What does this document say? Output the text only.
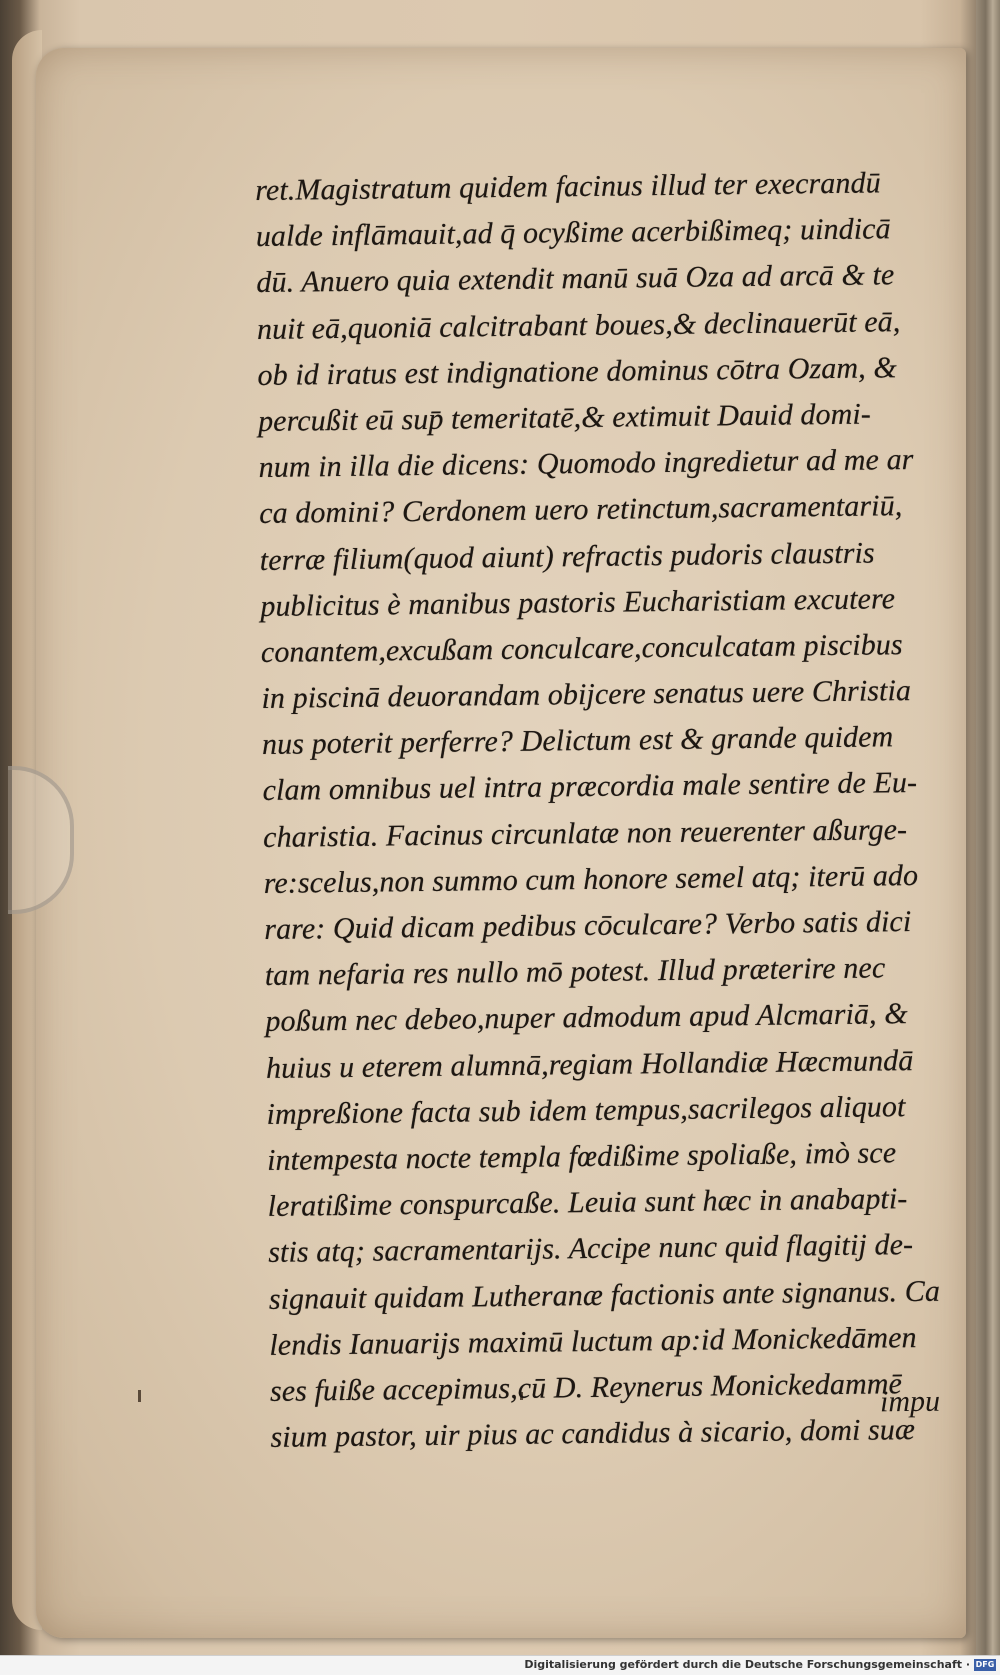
ret.Magistratum quidem facinus illud ter execrandū
ualde inflāmauit,ad q̄ ocyßime acerbißimeq; uindicā
dū. Anuero quia extendit manū suā Oza ad arcā & te
nuit eā,quoniā calcitrabant boues,& declinauerūt eā,
ob id iratus est indignatione dominus cōtra Ozam, &
percußit eū sup̄ temeritatē,& extimuit Dauid domi-
num in illa die dicens: Quomodo ingredietur ad me ar
ca domini? Cerdonem uero retinctum,sacramentariū,
terræ filium(quod aiunt) refractis pudoris claustris
publicitus è manibus pastoris Eucharistiam excutere
conantem,excußam conculcare,conculcatam piscibus
in piscinā deuorandam obijcere senatus uere Christia
nus poterit perferre? Delictum est & grande quidem
clam omnibus uel intra præcordia male sentire de Eu-
charistia. Facinus circunlatæ non reuerenter aßurge-
re:scelus,non summo cum honore semel atq; iterū ado
rare: Quid dicam pedibus cōculcare? Verbo satis dici
tam nefaria res nullo mō potest. Illud præterire nec
poßum nec debeo,nuper admodum apud Alcmariā, &
huius u eterem alumnā,regiam Hollandiæ Hæcmundā
impreßione facta sub idem tempus,sacrilegos aliquot
intempesta nocte templa fœdißime spoliaße, imò sce
leratißime conspurcaße. Leuia sunt hæc in anabapti-
stis atq; sacramentarijs. Accipe nunc quid flagitij de-
signauit quidam Lutheranæ factionis ante signanus. Ca
lendis Ianuarijs maximū luctum ap:id Monickedāmen
ses fuiße accepimus,cū D. Reynerus Monickedammē
sium pastor, uir pius ac candidus à sicario, domi suæ
impu
Digitalisierung gefördert durch die Deutsche Forschungsgemeinschaft · DFG
